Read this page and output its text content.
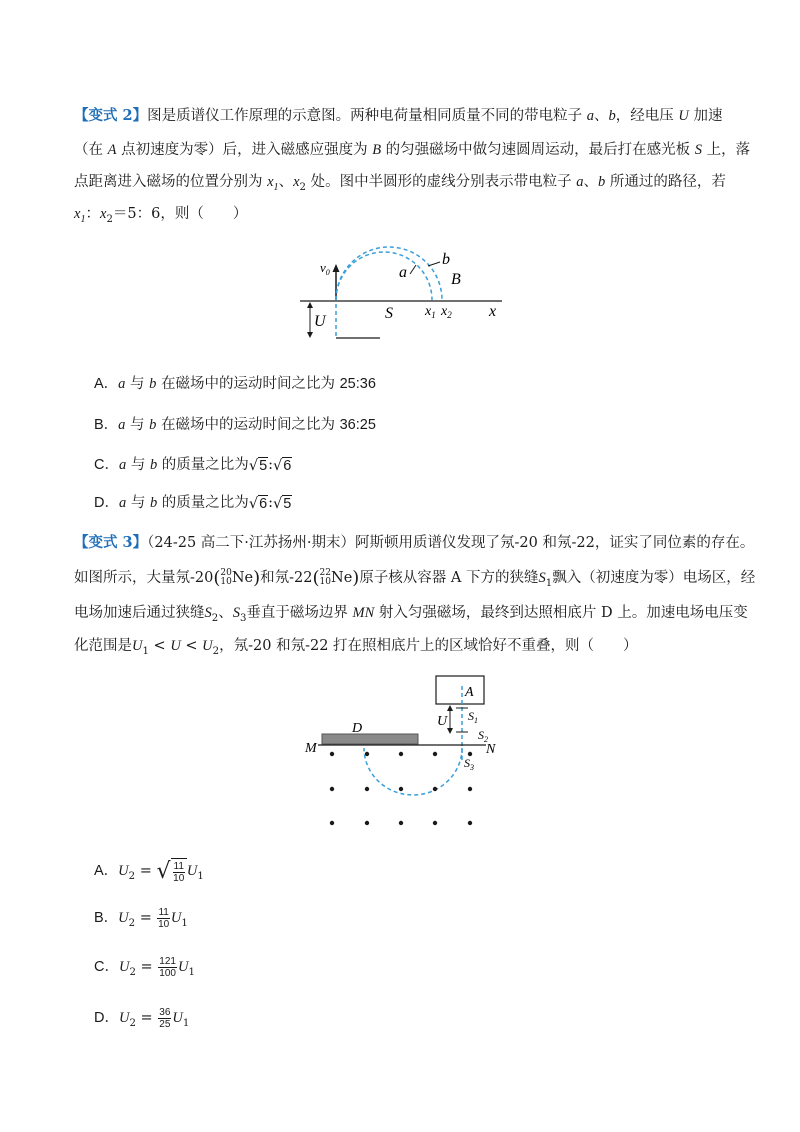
【变式 2】图是质谱仪工作原理的示意图。两种电荷量相同质量不同的带电粒子 a、b，经电压 U 加速
（在 A 点初速度为零）后，进入磁感应强度为 B 的匀强磁场中做匀速圆周运动，最后打在感光板 S 上，落
点距离进入磁场的位置分别为 $x_1$、$x_2$ 处。图中半圆形的虚线分别表示带电粒子 a、b 所通过的路径，若
$x_1$：$x_2=5$：6，则（　　）
$v_0$
b
a	B
U	S $x_1$ $x_2$ x
A．a 与 b 在磁场中的运动时间之比为 25:36
B．a 与 b 在磁场中的运动时间之比为 36:25
C．a 与 b 的质量之比为√5:√6
D．a 与 b 的质量之比为√6:√5
【变式 3】（24-25 高二下·江苏扬州·期末）阿斯顿用质谱仪发现了氖-20 和氖-22，证实了同位素的存在。
如图所示，大量氖-20( 20
10 Ne)和氖-22( 22
10 Ne)原子核从容器 A 下方的狭缝$S_1$飘入（初速度为零）电场区，经
电场加速后通过狭缝$S_2$、$S_3$垂直于磁场边界 MN 射入匀强磁场，最终到达照相底片 D 上。加速电场电压变
化范围是$U_1 < U < U_2$，氖-20 和氖-22 打在照相底片上的区域恰好不重叠，则（　　）
A
U $S_1$
$S_2$
$S_3$
D
M	N
A．$U_2$ = √ $\frac{11}{10} U_1$
B．$U_2 = \frac{11}{10} U_1$
C．$U_2 = \frac{121}{100} U_1$
D．$U_2 = \frac{36}{25} U_1$
